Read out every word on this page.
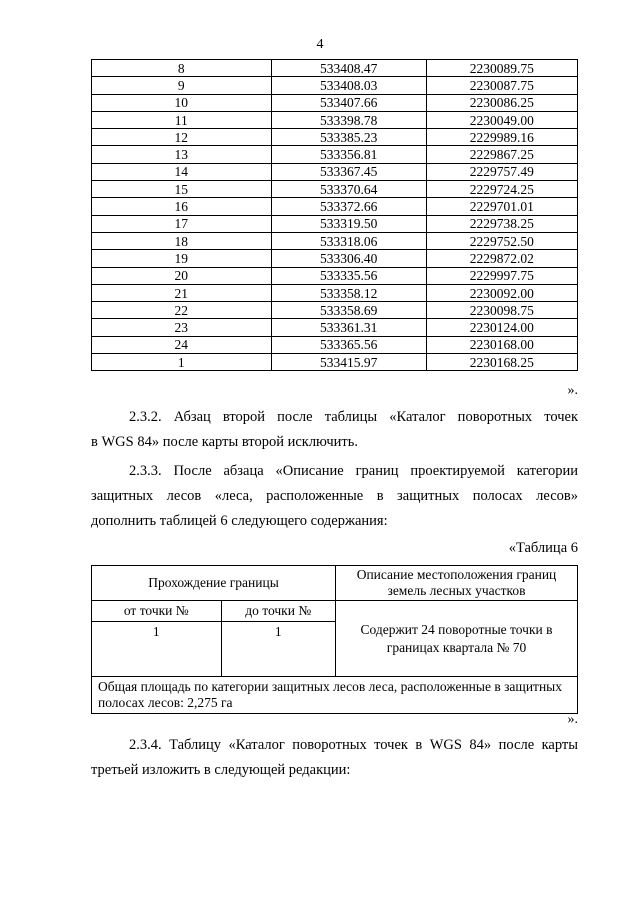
4
8	533408.47	2230089.75
9	533408.03	2230087.75
10	533407.66	2230086.25
11	533398.78	2230049.00
12	533385.23	2229989.16
13	533356.81	2229867.25
14	533367.45	2229757.49
15	533370.64	2229724.25
16	533372.66	2229701.01
17	533319.50	2229738.25
18	533318.06	2229752.50
19	533306.40	2229872.02
20	533335.56	2229997.75
21	533358.12	2230092.00
22	533358.69	2230098.75
23	533361.31	2230124.00
24	533365.56	2230168.00
1	533415.97	2230168.25
».
2.3.2. Абзац второй после таблицы «Каталог поворотных точек
в WGS 84» после карты второй исключить.
2.3.3. После абзаца «Описание границ проектируемой категории
защитных лесов «леса, расположенные в защитных полосах лесов»
дополнить таблицей 6 следующего содержания:
«Таблица 6
Прохождение границы		Описание местоположения границ земель лесных участков
от точки №	до точки №	Содержит 24 поворотные точки в границах квартала № 70
1	1	
Общая площадь по категории защитных лесов леса, расположенные в защитных полосах лесов: 2,275 га		
».
2.3.4. Таблицу «Каталог поворотных точек в WGS 84» после карты
третьей изложить в следующей редакции:
